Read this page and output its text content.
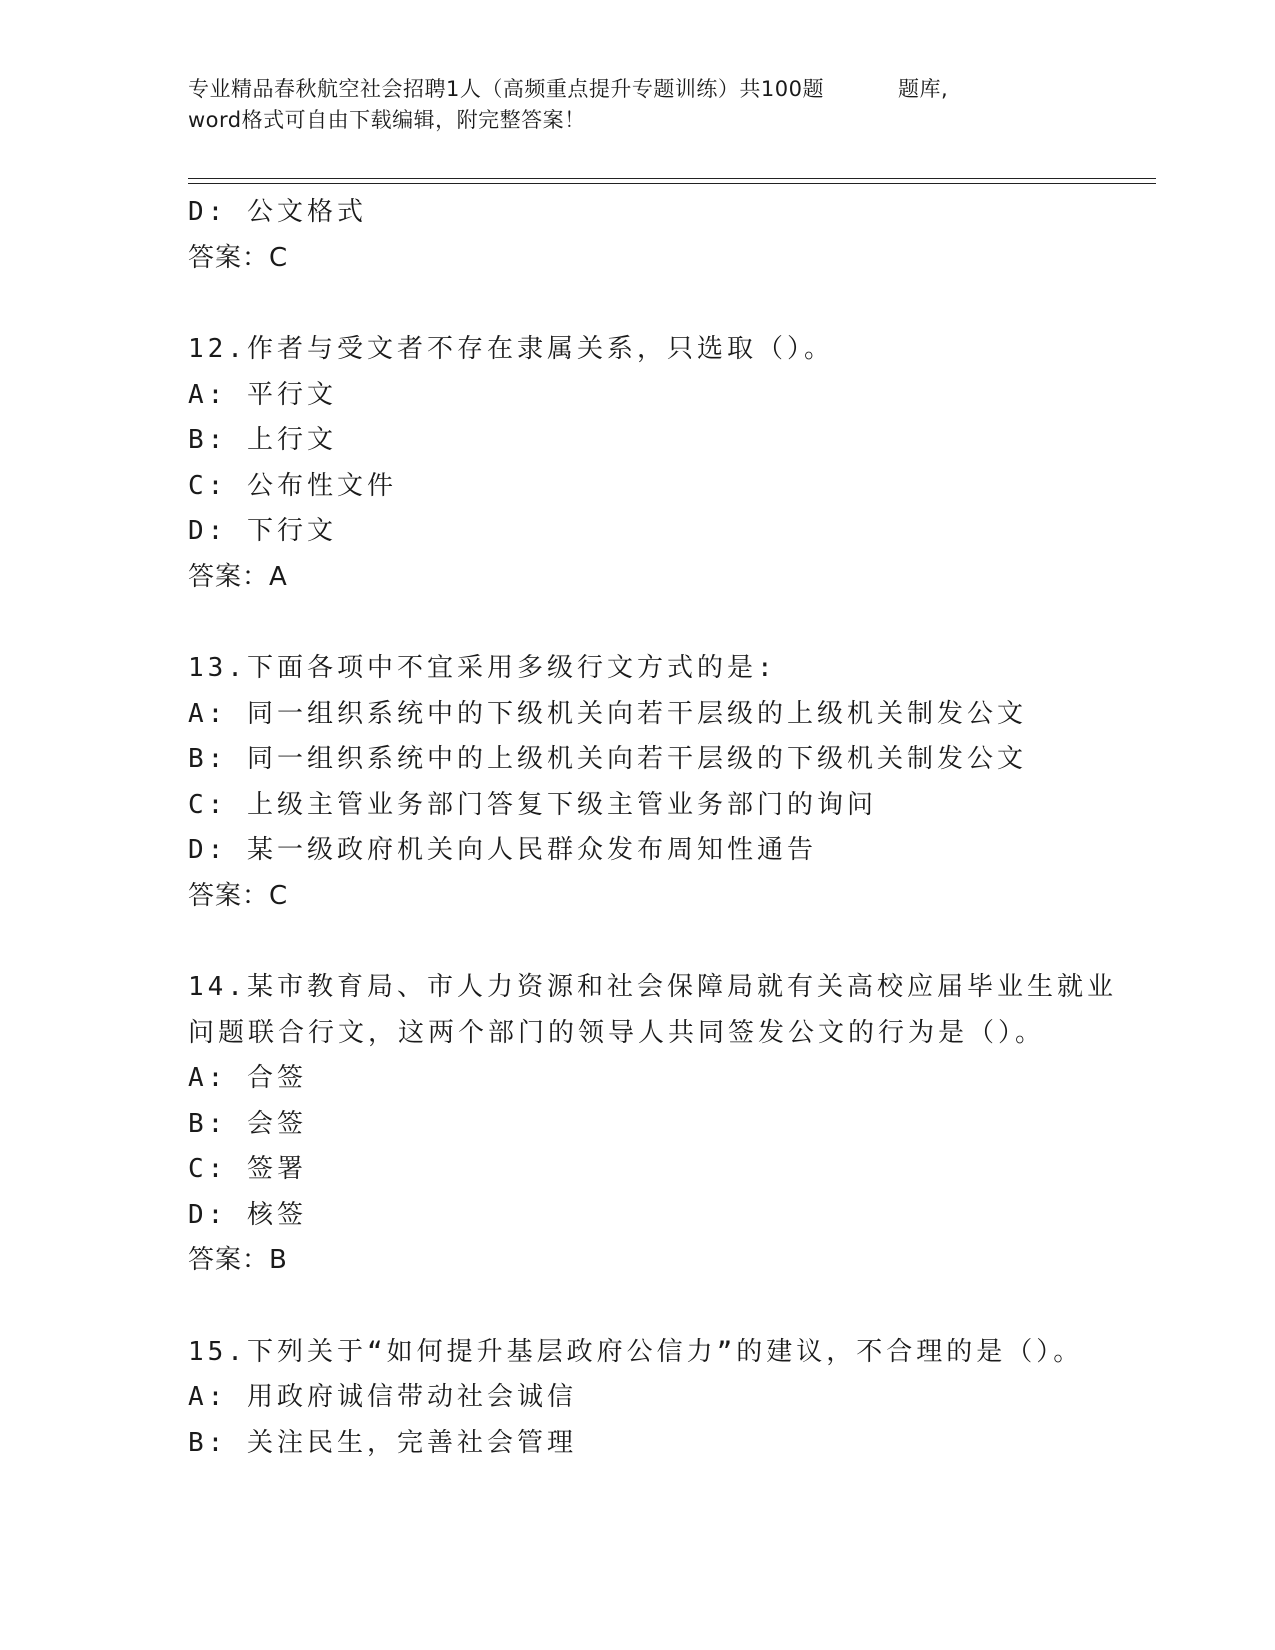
专业精品春秋航空社会招聘1人（高频重点提升专题训练）共100题	题库,
word格式可自由下载编辑，附完整答案！
D: 公文格式
答案：C
12.作者与受文者不存在隶属关系，只选取（）。
A: 平行文
B: 上行文
C: 公布性文件
D: 下行文
答案：A
13.下面各项中不宜采用多级行文方式的是:
A: 同一组织系统中的下级机关向若干层级的上级机关制发公文
B: 同一组织系统中的上级机关向若干层级的下级机关制发公文
C: 上级主管业务部门答复下级主管业务部门的询问
D: 某一级政府机关向人民群众发布周知性通告
答案：C
14.某市教育局、市人力资源和社会保障局就有关高校应届毕业生就业
问题联合行文，这两个部门的领导人共同签发公文的行为是（）。
A: 合签
B: 会签
C: 签署
D: 核签
答案：B
15.下列关于“如何提升基层政府公信力”的建议，不合理的是（）。
A: 用政府诚信带动社会诚信
B: 关注民生，完善社会管理
